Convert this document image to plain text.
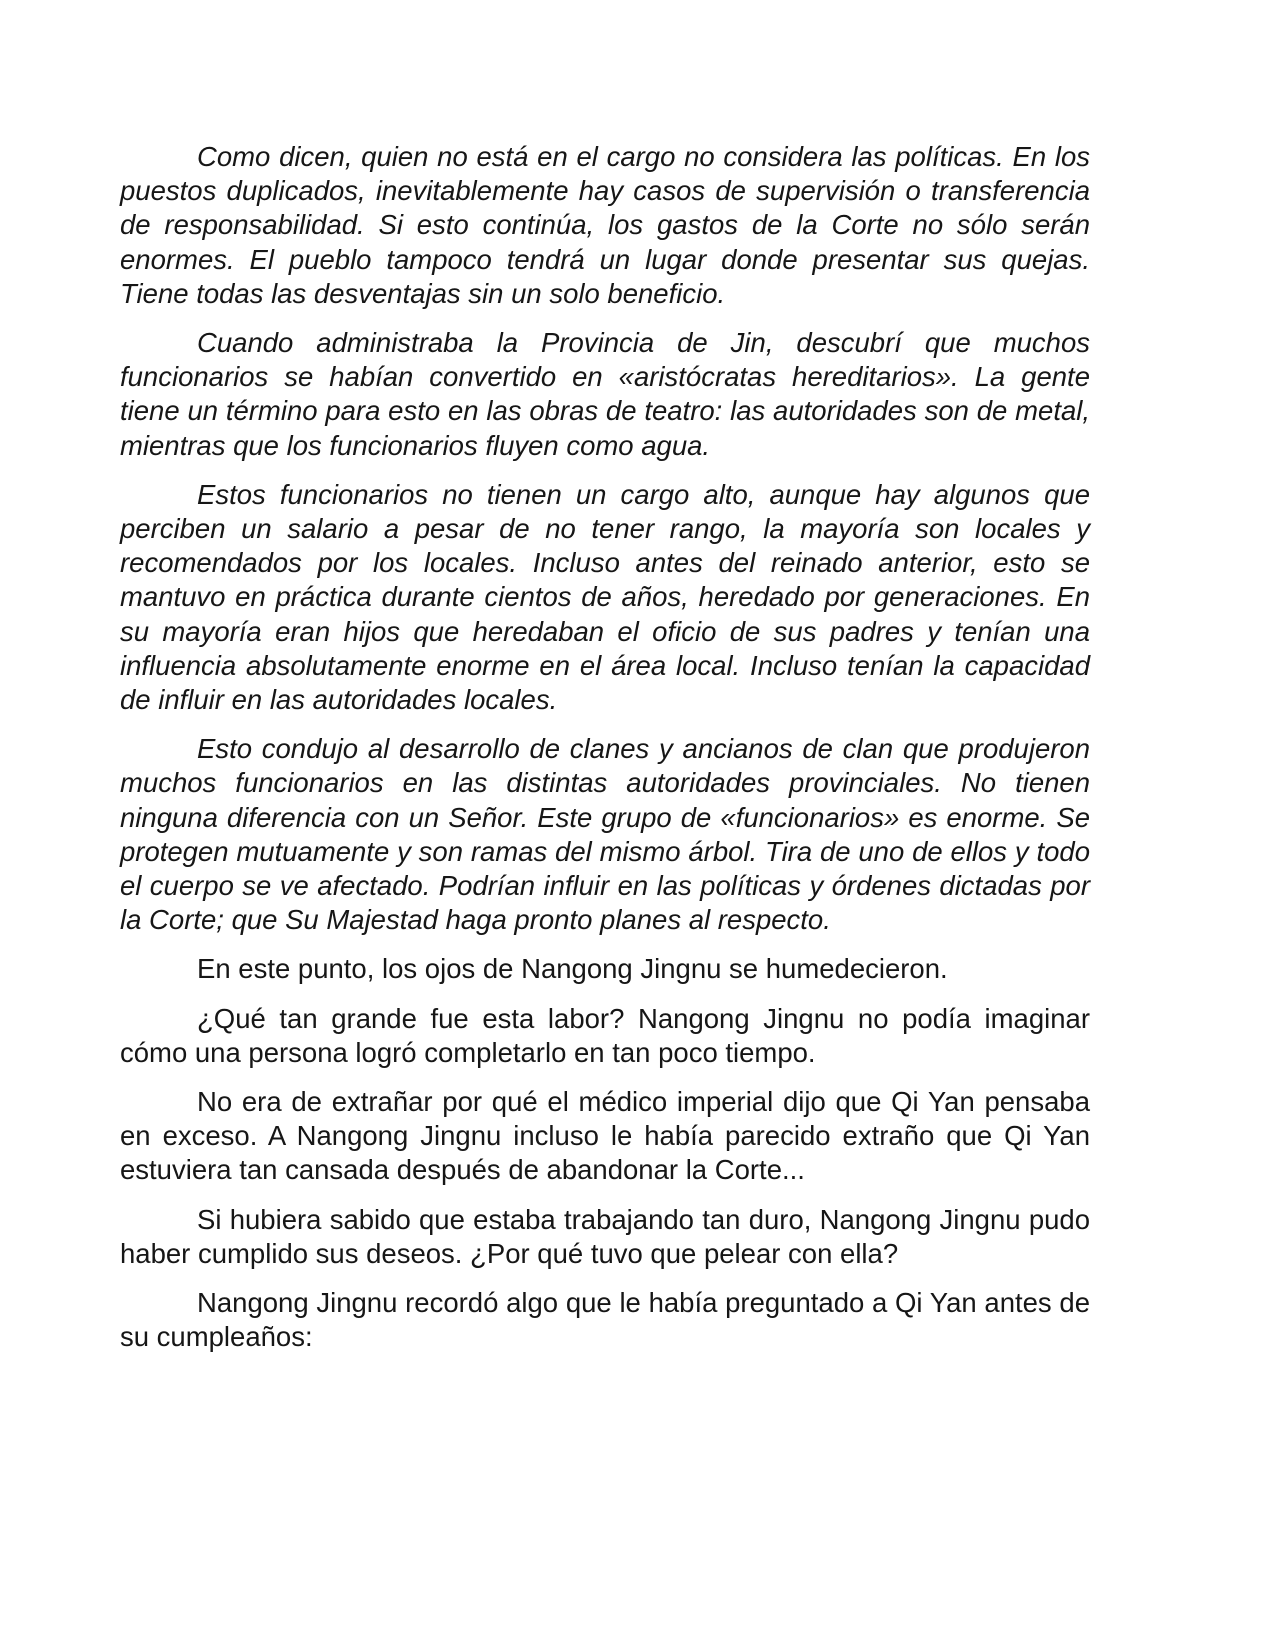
Como dicen, quien no está en el cargo no considera las políticas. En los puestos duplicados, inevitablemente hay casos de supervisión o transferencia de responsabilidad. Si esto continúa, los gastos de la Corte no sólo serán enormes. El pueblo tampoco tendrá un lugar donde presentar sus quejas. Tiene todas las desventajas sin un solo beneficio.

Cuando administraba la Provincia de Jin, descubrí que muchos funcionarios se habían convertido en «aristócratas hereditarios». La gente tiene un término para esto en las obras de teatro: las autoridades son de metal, mientras que los funcionarios fluyen como agua.

Estos funcionarios no tienen un cargo alto, aunque hay algunos que perciben un salario a pesar de no tener rango, la mayoría son locales y recomendados por los locales. Incluso antes del reinado anterior, esto se mantuvo en práctica durante cientos de años, heredado por generaciones. En su mayoría eran hijos que heredaban el oficio de sus padres y tenían una influencia absolutamente enorme en el área local. Incluso tenían la capacidad de influir en las autoridades locales.

Esto condujo al desarrollo de clanes y ancianos de clan que produjeron muchos funcionarios en las distintas autoridades provinciales. No tienen ninguna diferencia con un Señor. Este grupo de «funcionarios» es enorme. Se protegen mutuamente y son ramas del mismo árbol. Tira de uno de ellos y todo el cuerpo se ve afectado. Podrían influir en las políticas y órdenes dictadas por la Corte; que Su Majestad haga pronto planes al respecto.

En este punto, los ojos de Nangong Jingnu se humedecieron.

¿Qué tan grande fue esta labor? Nangong Jingnu no podía imaginar cómo una persona logró completarlo en tan poco tiempo.

No era de extrañar por qué el médico imperial dijo que Qi Yan pensaba en exceso. A Nangong Jingnu incluso le había parecido extraño que Qi Yan estuviera tan cansada después de abandonar la Corte...

Si hubiera sabido que estaba trabajando tan duro, Nangong Jingnu pudo haber cumplido sus deseos. ¿Por qué tuvo que pelear con ella?

Nangong Jingnu recordó algo que le había preguntado a Qi Yan antes de su cumpleaños:
